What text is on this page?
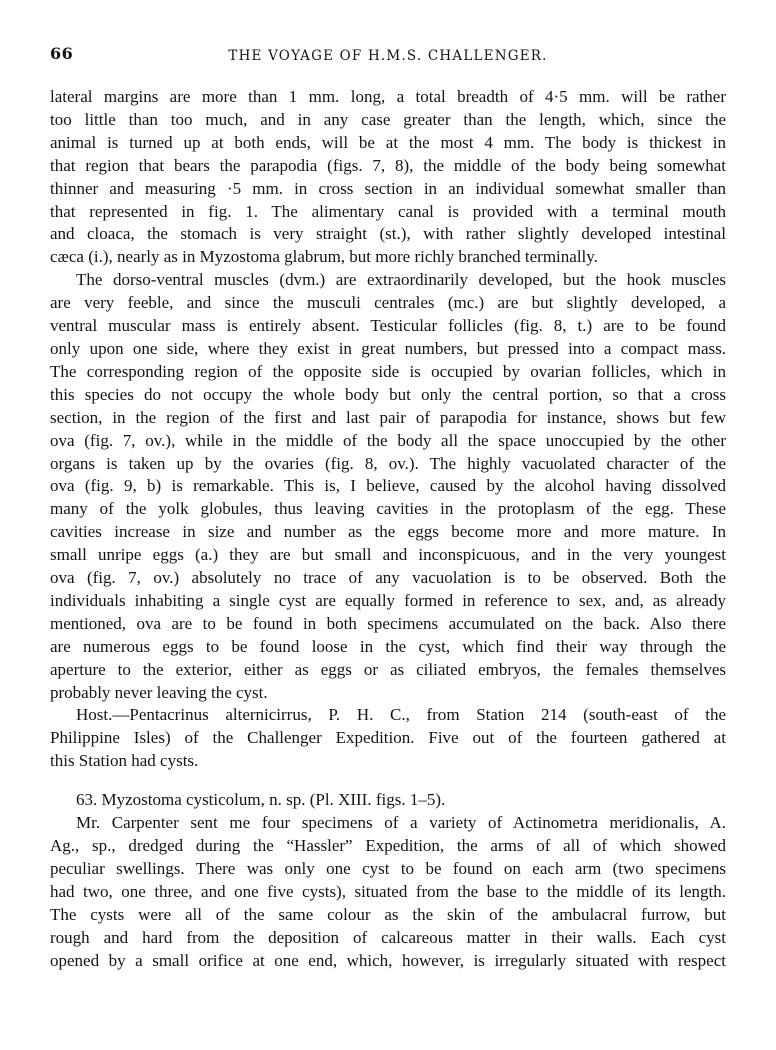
66	THE VOYAGE OF H.M.S. CHALLENGER.
lateral margins are more than 1 mm. long, a total breadth of 4·5 mm. will be rather
too little than too much, and in any case greater than the length, which, since the
animal is turned up at both ends, will be at the most 4 mm. The body is thickest in
that region that bears the parapodia (figs. 7, 8), the middle of the body being somewhat
thinner and measuring ·5 mm. in cross section in an individual somewhat smaller than
that represented in fig. 1. The alimentary canal is provided with a terminal mouth
and cloaca, the stomach is very straight (st.), with rather slightly developed intestinal
cæca (i.), nearly as in Myzostoma glabrum, but more richly branched terminally.
The dorso-ventral muscles (dvm.) are extraordinarily developed, but the hook muscles
are very feeble, and since the musculi centrales (mc.) are but slightly developed, a
ventral muscular mass is entirely absent. Testicular follicles (fig. 8, t.) are to be found
only upon one side, where they exist in great numbers, but pressed into a compact mass.
The corresponding region of the opposite side is occupied by ovarian follicles, which in
this species do not occupy the whole body but only the central portion, so that a cross
section, in the region of the first and last pair of parapodia for instance, shows but few
ova (fig. 7, ov.), while in the middle of the body all the space unoccupied by the other
organs is taken up by the ovaries (fig. 8, ov.). The highly vacuolated character of the
ova (fig. 9, b) is remarkable. This is, I believe, caused by the alcohol having dissolved
many of the yolk globules, thus leaving cavities in the protoplasm of the egg. These
cavities increase in size and number as the eggs become more and more mature. In
small unripe eggs (a.) they are but small and inconspicuous, and in the very youngest
ova (fig. 7, ov.) absolutely no trace of any vacuolation is to be observed. Both the
individuals inhabiting a single cyst are equally formed in reference to sex, and, as already
mentioned, ova are to be found in both specimens accumulated on the back. Also there
are numerous eggs to be found loose in the cyst, which find their way through the
aperture to the exterior, either as eggs or as ciliated embryos, the females themselves
probably never leaving the cyst.
Host.—Pentacrinus alternicirrus, P. H. C., from Station 214 (south-east of the
Philippine Isles) of the Challenger Expedition. Five out of the fourteen gathered at
this Station had cysts.
63. Myzostoma cysticolum, n. sp. (Pl. XIII. figs. 1–5).
Mr. Carpenter sent me four specimens of a variety of Actinometra meridionalis, A.
Ag., sp., dredged during the “Hassler” Expedition, the arms of all of which showed
peculiar swellings. There was only one cyst to be found on each arm (two specimens
had two, one three, and one five cysts), situated from the base to the middle of its length.
The cysts were all of the same colour as the skin of the ambulacral furrow, but
rough and hard from the deposition of calcareous matter in their walls. Each cyst
opened by a small orifice at one end, which, however, is irregularly situated with respect
